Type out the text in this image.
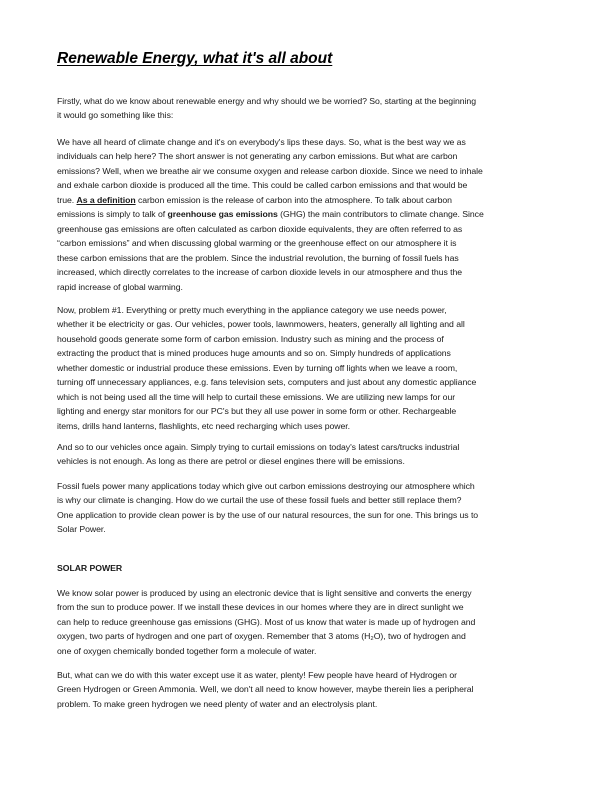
Renewable Energy, what it's all about
Firstly, what do we know about renewable energy and why should we be worried? So, starting at the beginning
it would go something like this:
We have all heard of climate change and it's on everybody's lips these days. So, what is the best way we as
individuals can help here? The short answer is not generating any carbon emissions. But what are carbon
emissions? Well, when we breathe air we consume oxygen and release carbon dioxide. Since we need to inhale
and exhale carbon dioxide is produced all the time. This could be called carbon emissions and that would be
true. As a definition carbon emission is the release of carbon into the atmosphere. To talk about carbon
emissions is simply to talk of greenhouse gas emissions (GHG) the main contributors to climate change. Since
greenhouse gas emissions are often calculated as carbon dioxide equivalents, they are often referred to as
“carbon emissions” and when discussing global warming or the greenhouse effect on our atmosphere it is
these carbon emissions that are the problem. Since the industrial revolution, the burning of fossil fuels has
increased, which directly correlates to the increase of carbon dioxide levels in our atmosphere and thus the
rapid increase of global warming.
Now, problem #1. Everything or pretty much everything in the appliance category we use needs power,
whether it be electricity or gas. Our vehicles, power tools, lawnmowers, heaters, generally all lighting and all
household goods generate some form of carbon emission. Industry such as mining and the process of
extracting the product that is mined produces huge amounts and so on. Simply hundreds of applications
whether domestic or industrial produce these emissions. Even by turning off lights when we leave a room,
turning off unnecessary appliances, e.g. fans television sets, computers and just about any domestic appliance
which is not being used all the time will help to curtail these emissions. We are utilizing new lamps for our
lighting and energy star monitors for our PC's but they all use power in some form or other. Rechargeable
items, drills hand lanterns, flashlights, etc need recharging which uses power.
And so to our vehicles once again. Simply trying to curtail emissions on today's latest cars/trucks industrial
vehicles is not enough. As long as there are petrol or diesel engines there will be emissions.
Fossil fuels power many applications today which give out carbon emissions destroying our atmosphere which
is why our climate is changing. How do we curtail the use of these fossil fuels and better still replace them?
One application to provide clean power is by the use of our natural resources, the sun for one. This brings us to
Solar Power.
SOLAR POWER
We know solar power is produced by using an electronic device that is light sensitive and converts the energy
from the sun to produce power. If we install these devices in our homes where they are in direct sunlight we
can help to reduce greenhouse gas emissions (GHG). Most of us know that water is made up of hydrogen and
oxygen, two parts of hydrogen and one part of oxygen. Remember that 3 atoms (H₂O), two of hydrogen and
one of oxygen chemically bonded together form a molecule of water.
But, what can we do with this water except use it as water, plenty! Few people have heard of Hydrogen or
Green Hydrogen or Green Ammonia. Well, we don't all need to know however, maybe therein lies a peripheral
problem. To make green hydrogen we need plenty of water and an electrolysis plant.
